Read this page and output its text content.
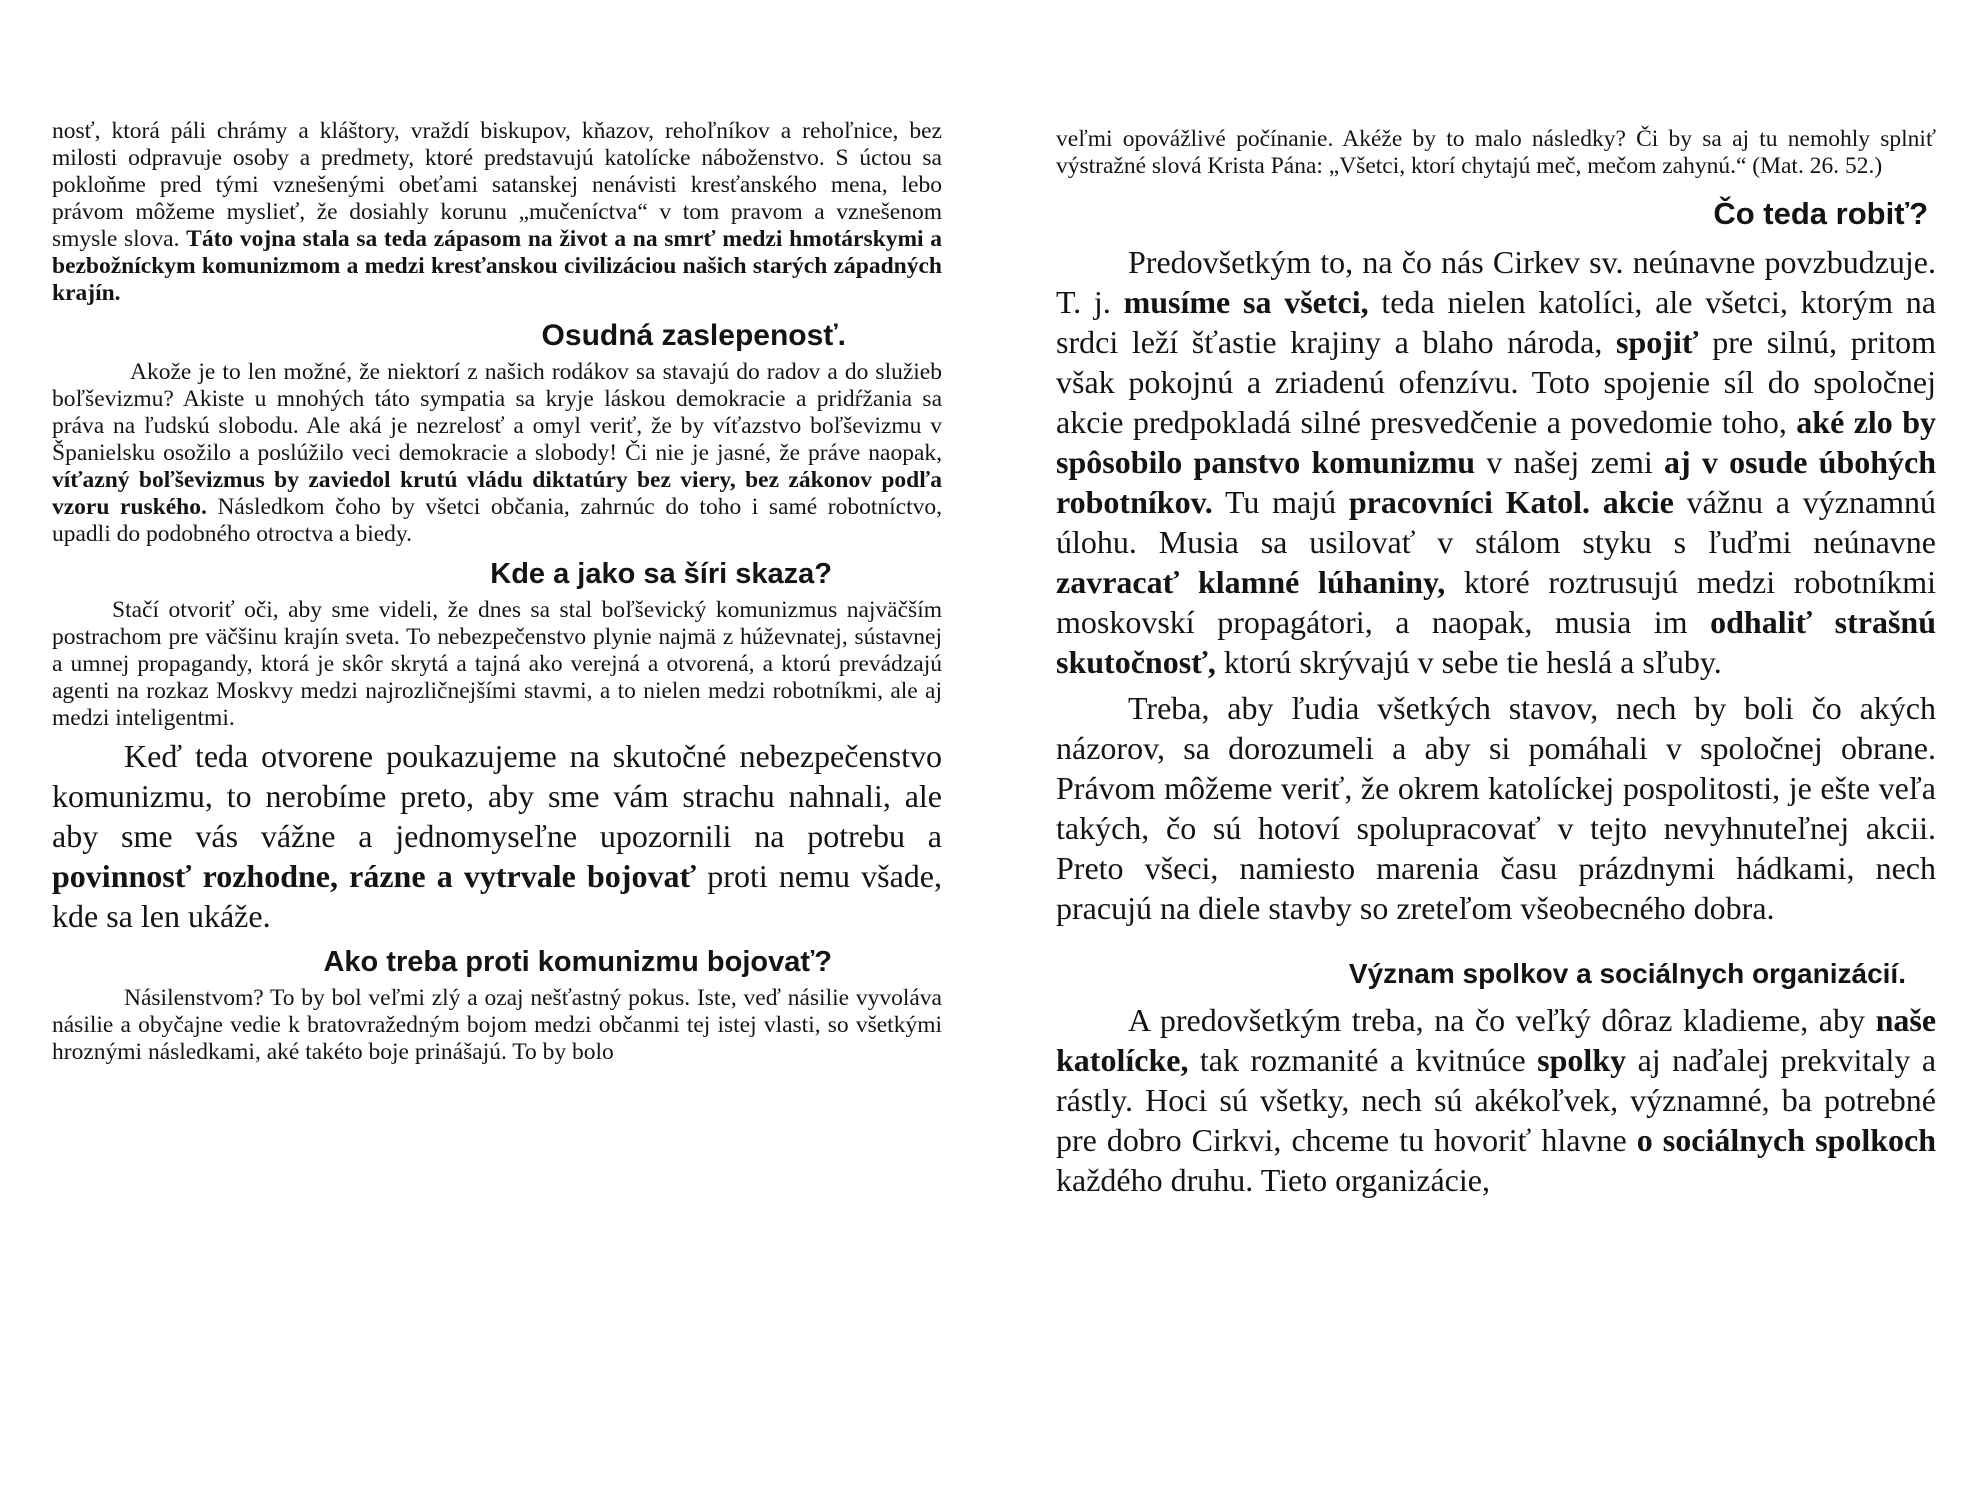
nosť, ktorá páli chrámy a kláštory, vraždí biskupov, kňazov, rehoľníkov a rehoľnice, bez milosti odpravuje osoby a predmety, ktoré predstavujú katolícke náboženstvo. S úctou sa pokloňme pred tými vznešenými obeťami satanskej nenávisti kresťanského mena, lebo právom môžeme myslieť, že dosiahly korunu „mučeníctva“ v tom pravom a vznešenom smysle slova. Táto vojna stala sa teda zápasom na život a na smrť medzi hmotárskymi a bezbožníckym komunizmom a medzi kresťanskou civilizáciou našich starých západných krajín.

Osudná zaslepenosť.

Akože je to len možné, že niektorí z našich rodákov sa stavajú do radov a do služieb boľševizmu? Akiste u mnohých táto sympatia sa kryje láskou demokracie a pridŕžania sa práva na ľudskú slobodu. Ale aká je nezrelosť a omyl veriť, že by víťazstvo boľševizmu v Španielsku osožilo a poslúžilo veci demokracie a slobody! Či nie je jasné, že práve naopak, víťazný boľševizmus by zaviedol krutú vládu diktatúry bez viery, bez zákonov podľa vzoru ruského. Následkom čoho by všetci občania, zahrnúc do toho i samé robotníctvo, upadli do podobného otroctva a biedy.

Kde a jako sa šíri skaza?

Stačí otvoriť oči, aby sme videli, že dnes sa stal boľševický komunizmus najväčším postrachom pre väčšinu krajín sveta. To nebezpečenstvo plynie najmä z húževnatej, sústavnej a umnej propagandy, ktorá je skôr skrytá a tajná ako verejná a otvorená, a ktorú prevádzajú agenti na rozkaz Moskvy medzi najrozličnejšími stavmi, a to nielen medzi robotníkmi, ale aj medzi inteligentmi.

Keď teda otvorene poukazujeme na skutočné nebezpečenstvo komunizmu, to nerobíme preto, aby sme vám strachu nahnali, ale aby sme vás vážne a jednomyseľne upozornili na potrebu a povinnosť rozhodne, rázne a vytrvale bojovať proti nemu všade, kde sa len ukáže.

Ako treba proti komunizmu bojovať?

Násilenstvom? To by bol veľmi zlý a ozaj nešťastný pokus. Iste, veď násilie vyvoláva násilie a obyčajne vedie k bratovražedným bojom medzi občanmi tej istej vlasti, so všetkými hroznými následkami, aké takéto boje prinášajú. To by bolo

veľmi opovážlivé počínanie. Akéže by to malo následky? Či by sa aj tu nemohly splniť výstražné slová Krista Pána: „Všetci, ktorí chytajú meč, mečom zahynú.“ (Mat. 26. 52.)

Čo teda robiť?

Predovšetkým to, na čo nás Cirkev sv. neúnavne povzbudzuje. T. j. musíme sa všetci, teda nielen katolíci, ale všetci, ktorým na srdci leží šťastie krajiny a blaho národa, spojiť pre silnú, pritom však pokojnú a zriadenú ofenzívu. Toto spojenie síl do spoločnej akcie predpokladá silné presvedčenie a povedomie toho, aké zlo by spôsobilo panstvo komunizmu v našej zemi aj v osude úbohých robotníkov. Tu majú pracovníci Katol. akcie vážnu a významnú úlohu. Musia sa usilovať v stálom styku s ľuďmi neúnavne zavracať klamné lúhaniny, ktoré roztrusujú medzi robotníkmi moskovskí propagátori, a naopak, musia im odhaliť strašnú skutočnosť, ktorú skrývajú v sebe tie heslá a sľuby.

Treba, aby ľudia všetkých stavov, nech by boli čo akých názorov, sa dorozumeli a aby si pomáhali v spoločnej obrane. Právom môžeme veriť, že okrem katolíckej pospolitosti, je ešte veľa takých, čo sú hotoví spolupracovať v tejto nevyhnuteľnej akcii. Preto všeci, namiesto marenia času prázdnymi hádkami, nech pracujú na diele stavby so zreteľom všeobecného dobra.

Význam spolkov a sociálnych organizácií.

A predovšetkým treba, na čo veľký dôraz kladieme, aby naše katolícke, tak rozmanité a kvitnúce spolky aj naďalej prekvitaly a rástly. Hoci sú všetky, nech sú akékoľvek, významné, ba potrebné pre dobro Cirkvi, chceme tu hovoriť hlavne o sociálnych spolkoch každého druhu. Tieto organizácie,
